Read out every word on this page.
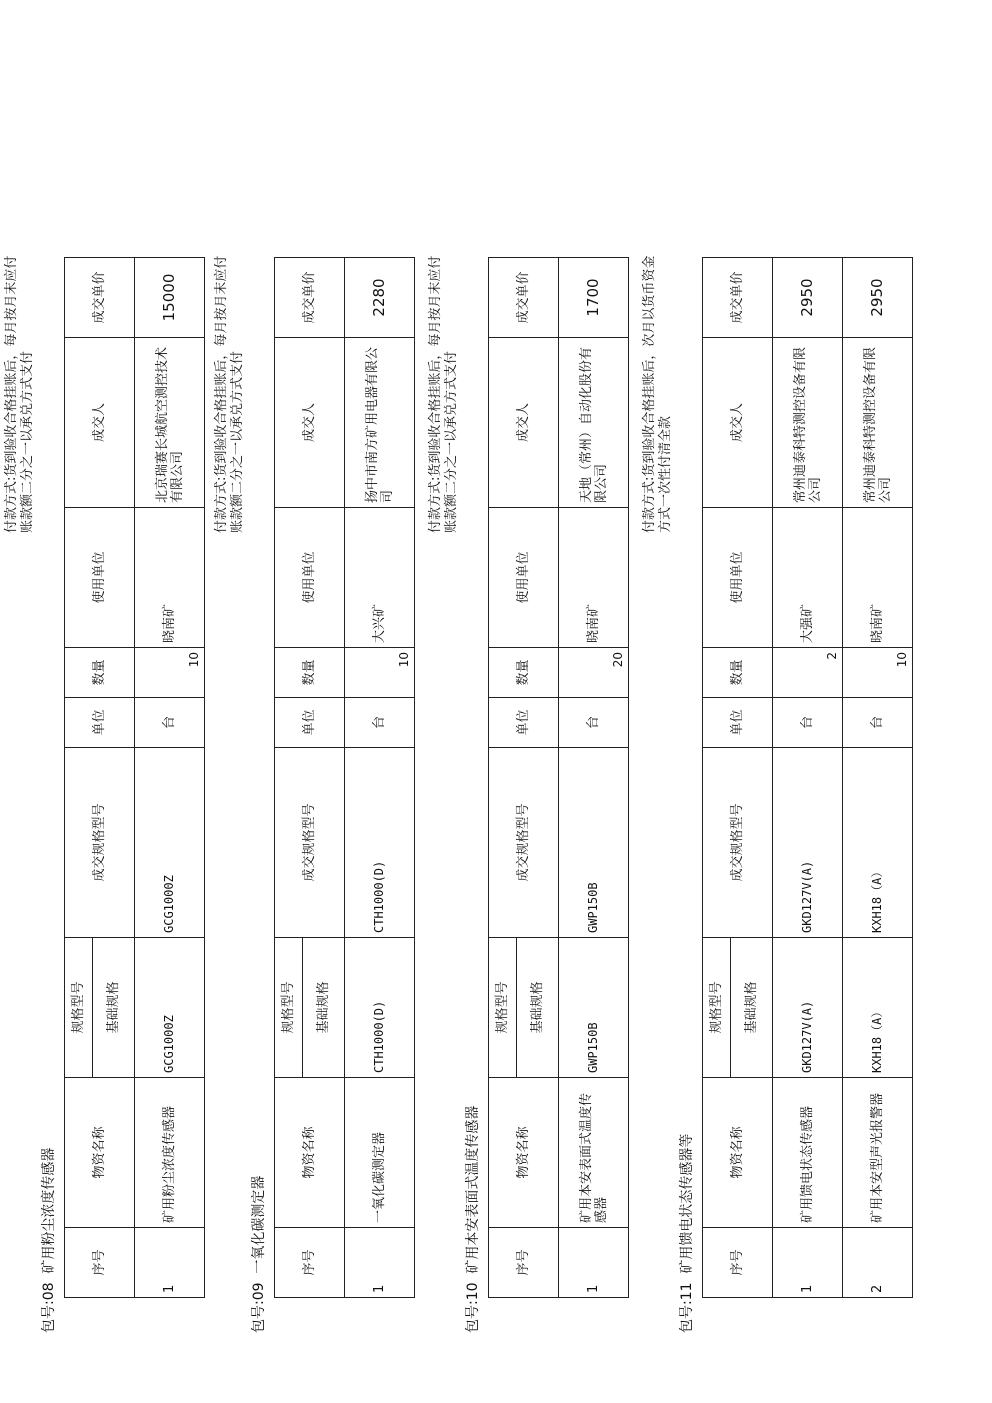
包号:08  矿用粉尘浓度传感器
付款方式:货到验收合格挂账后，每月按月末应付账款额二分之一以承兑方式支付
序号	物资名称	规格型号	成交规格型号	单位	数量	使用单位	成交人	成交单价
		基础规格						
1	矿用粉尘浓度传感器	GCG1000Z	GCG1000Z	台	10	晓南矿	北京瑞赛长城航空测控技术有限公司	15000
包号:09  一氧化碳测定器
付款方式:货到验收合格挂账后，每月按月末应付账款额二分之一以承兑方式支付
序号	物资名称	规格型号	成交规格型号	单位	数量	使用单位	成交人	成交单价
		基础规格						
1	一氧化碳测定器	CTH1000(D)	CTH1000(D)	台	10	大兴矿	扬中市南方矿用电器有限公司	2280
包号:10  矿用本安表面式温度传感器
付款方式:货到验收合格挂账后，每月按月末应付账款额二分之一以承兑方式支付
序号	物资名称	规格型号	成交规格型号	单位	数量	使用单位	成交人	成交单价
		基础规格						
1	矿用本安表面式温度传感器	GWP150B	GWP150B	台	20	晓南矿	天地（常州）自动化股份有限公司	1700
包号:11  矿用馈电状态传感器等
付款方式:货到验收合格挂账后，次月以货币资金方式一次性付清全款
序号	物资名称	规格型号	成交规格型号	单位	数量	使用单位	成交人	成交单价
		基础规格						
1	矿用馈电状态传感器	GKD127V(A)	GKD127V(A)	台	2	大强矿	常州迪泰科特测控设备有限公司	2950
2	矿用本安型声光报警器	KXH18（A）	KXH18（A）	台	10	晓南矿	常州迪泰科特测控设备有限公司	2950
